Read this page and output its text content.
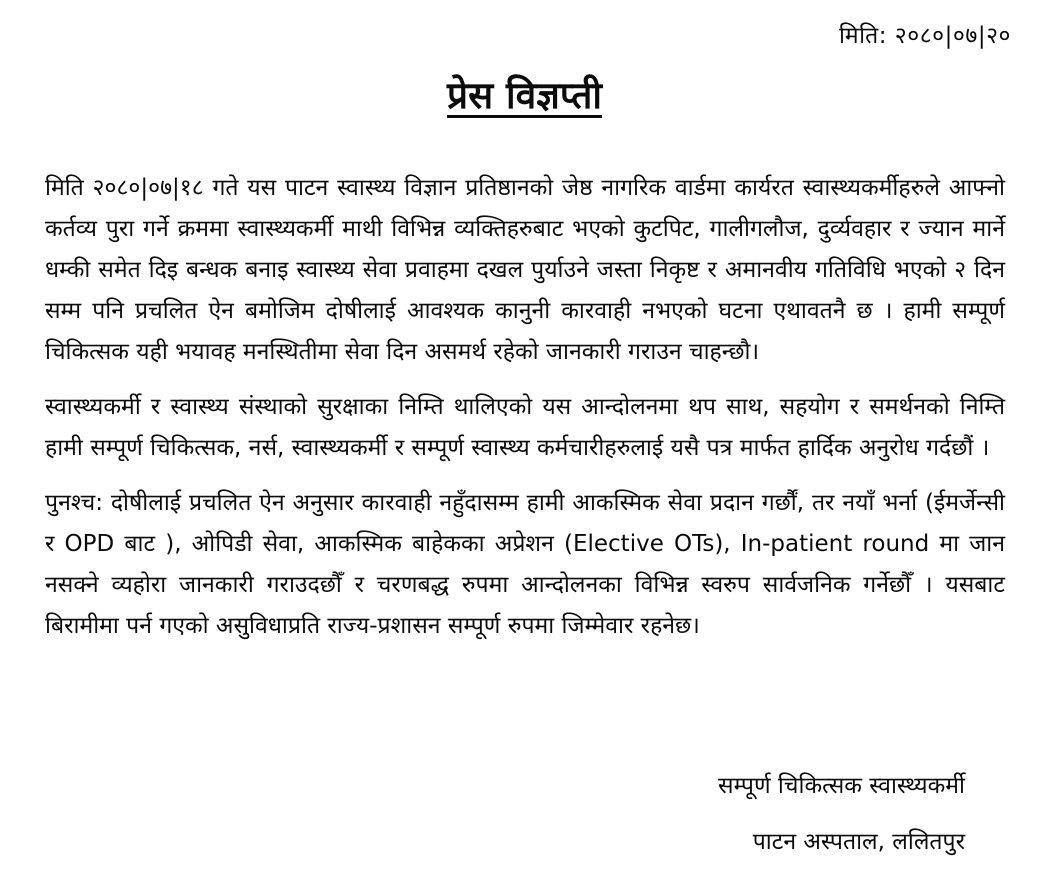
मिति: २०८०|०७|२०
प्रेस विज्ञप्ती

मिति २०८०|०७|१८ गते यस पाटन स्वास्थ्य विज्ञान प्रतिष्ठानको जेष्ठ नागरिक वार्डमा कार्यरत स्वास्थ्यकर्मीहरुले आफ्नो कर्तव्य पुरा गर्ने क्रममा स्वास्थ्यकर्मी माथी विभिन्न व्यक्तिहरुबाट भएको कुटपिट, गालीगलौज, दुर्व्यवहार र ज्यान मार्ने धम्की समेत दिइ बन्धक बनाइ स्वास्थ्य सेवा प्रवाहमा दखल पुर्याउने जस्ता निकृष्ट र अमानवीय गतिविधि भएको २ दिन सम्म पनि प्रचलित ऐन बमोजिम दोषीलाई आवश्यक कानुनी कारवाही नभएको घटना एथावतनै छ । हामी सम्पूर्ण चिकित्सक यही भयावह मनस्थितीमा सेवा दिन असमर्थ रहेको जानकारी गराउन चाहन्छौ।

स्वास्थ्यकर्मी र स्वास्थ्य संस्थाको सुरक्षाका निम्ति थालिएको यस आन्दोलनमा थप साथ, सहयोग र समर्थनको निम्ति हामी सम्पूर्ण चिकित्सक, नर्स, स्वास्थ्यकर्मी र सम्पूर्ण स्वास्थ्य कर्मचारीहरुलाई यसै पत्र मार्फत हार्दिक अनुरोध गर्दछौं ।

पुनश्च: दोषीलाई प्रचलित ऐन अनुसार कारवाही नहुँदासम्म हामी आकस्मिक सेवा प्रदान गर्छौं, तर नयाँ भर्ना (ईमर्जेन्सी र OPD बाट ), ओपिडी सेवा, आकस्मिक बाहेकका अप्रेशन (Elective OTs), In-patient round मा जान नसक्ने व्यहोरा जानकारी गराउदछौँ र चरणबद्ध रुपमा आन्दोलनका विभिन्न स्वरुप सार्वजनिक गर्नेछौँ । यसबाट बिरामीमा पर्न गएको असुविधाप्रति राज्य-प्रशासन सम्पूर्ण रुपमा जिम्मेवार रहनेछ।

सम्पूर्ण चिकित्सक स्वास्थ्यकर्मी
पाटन अस्पताल, ललितपुर
